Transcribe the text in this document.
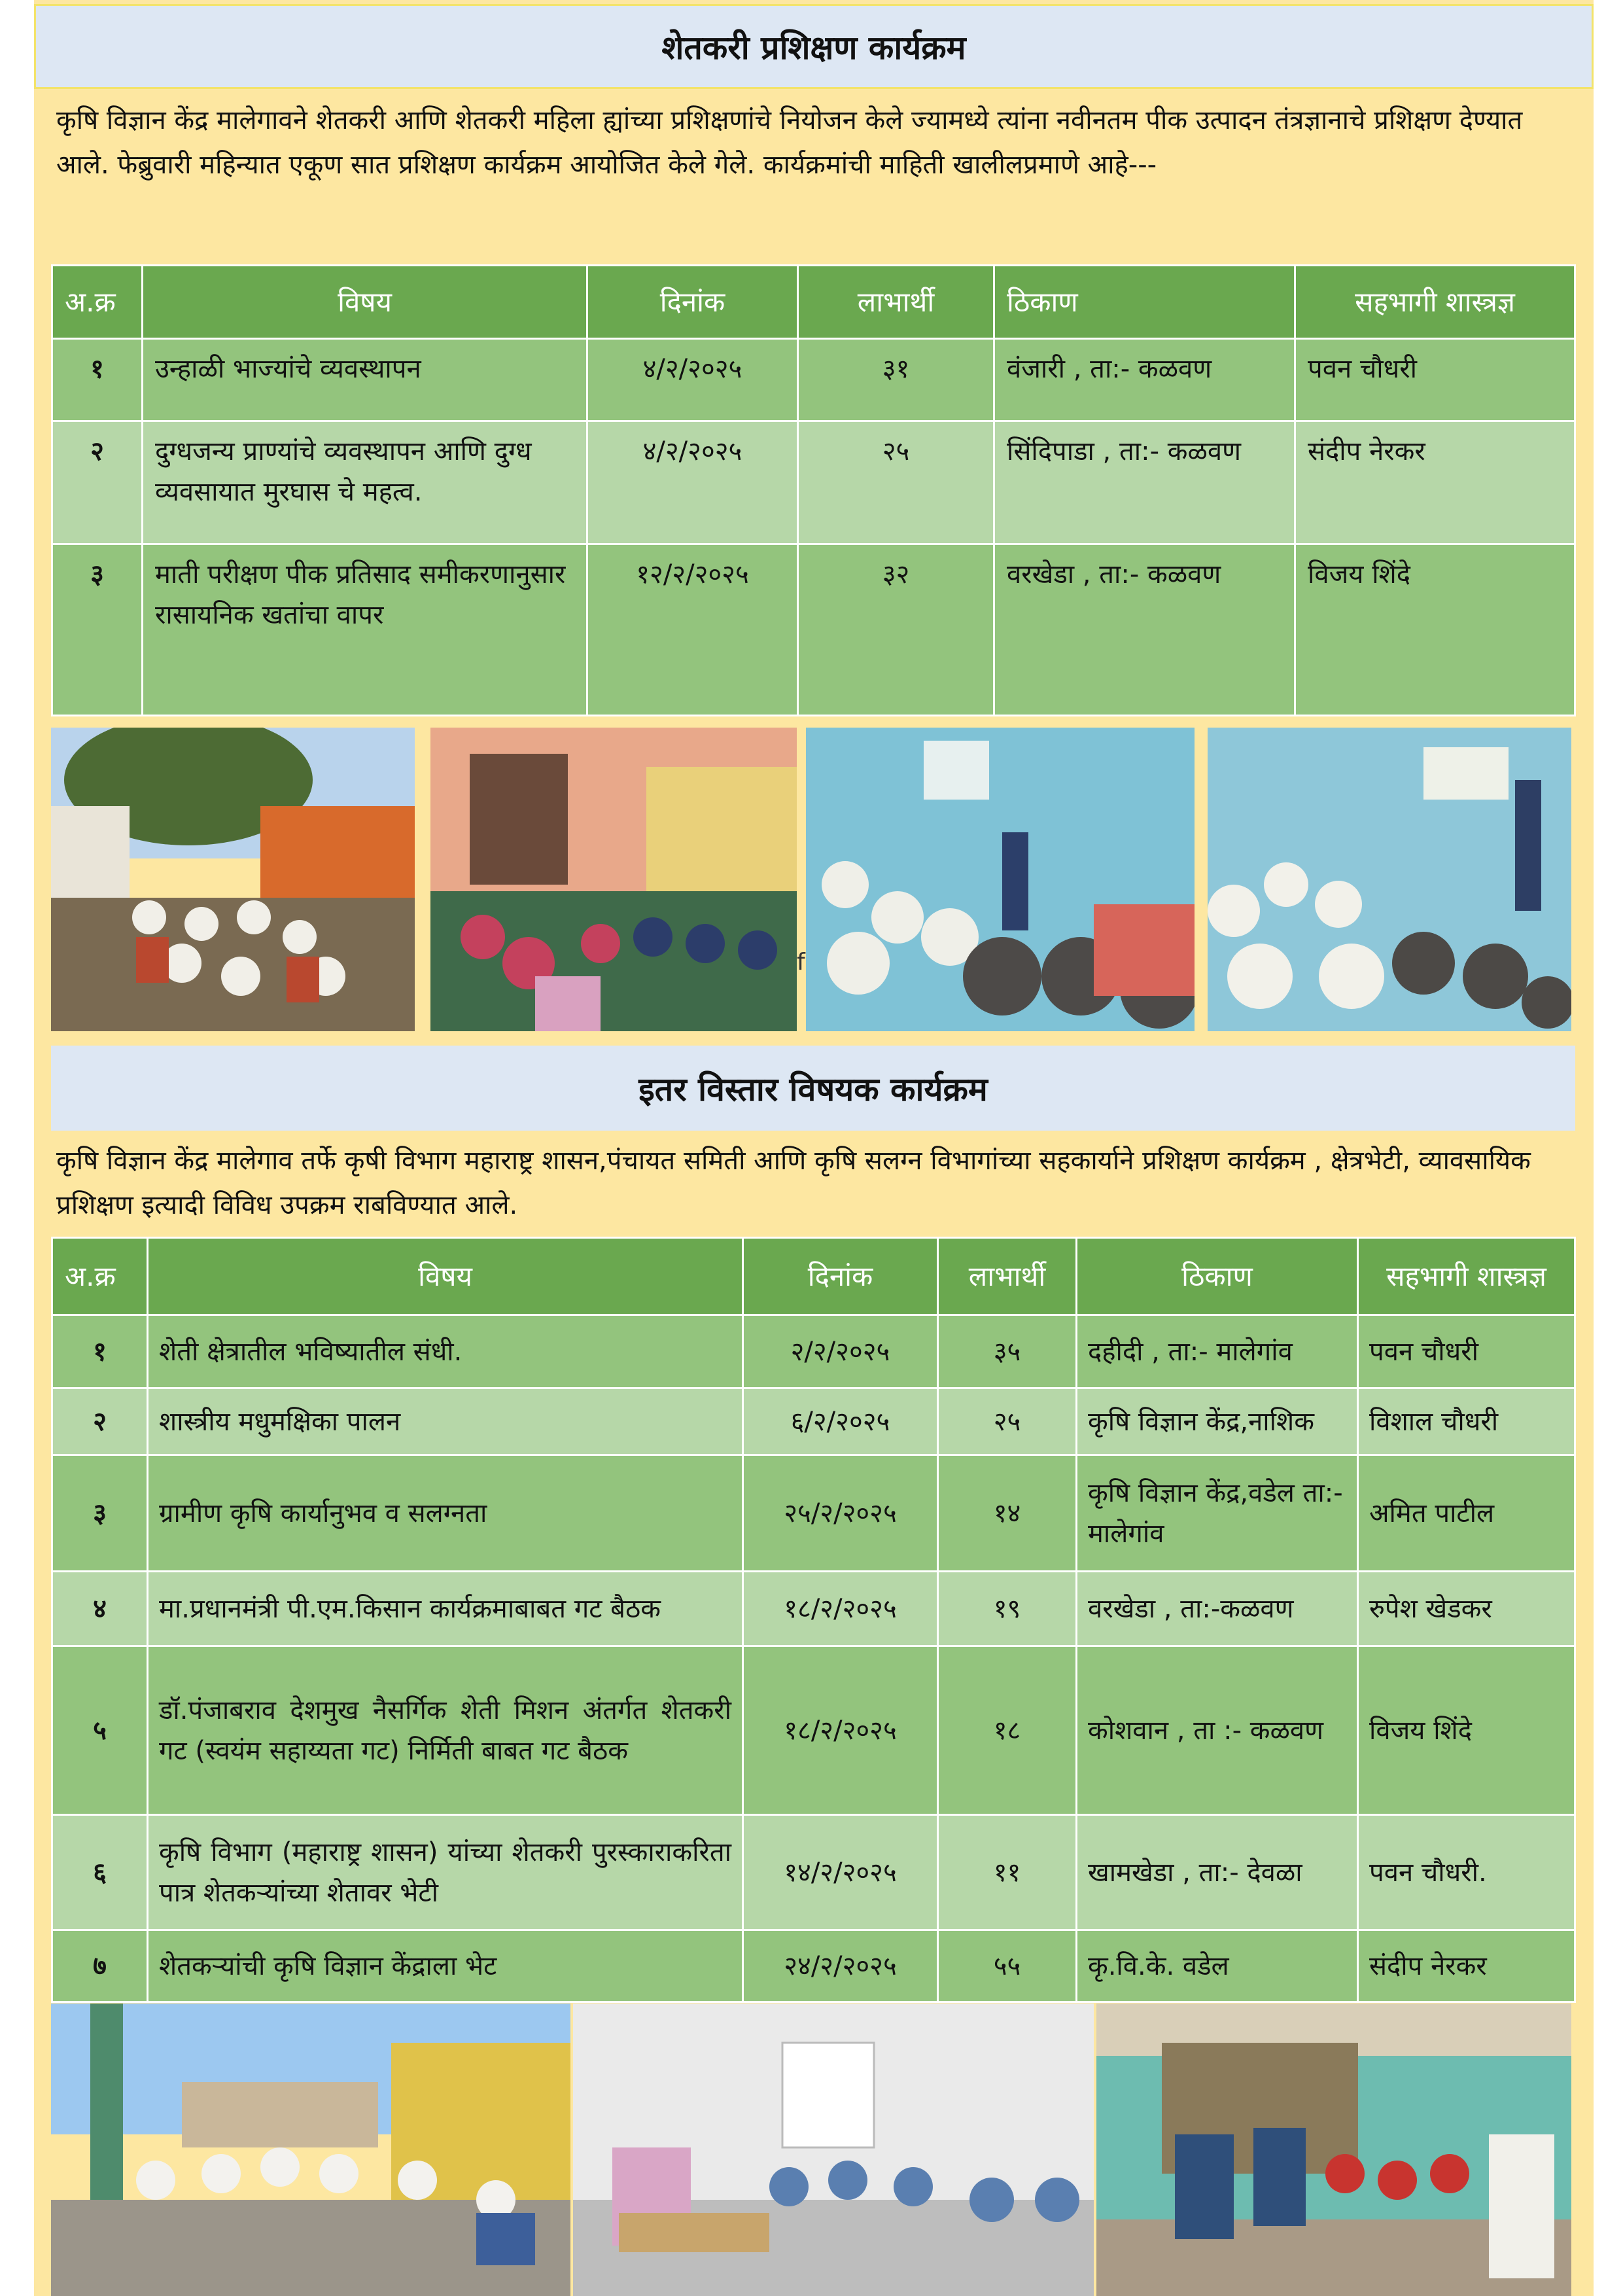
शेतकरी प्रशिक्षण कार्यक्रम
कृषि विज्ञान केंद्र मालेगावने शेतकरी आणि शेतकरी महिला ह्यांच्या प्रशिक्षणांचे नियोजन केले ज्यामध्ये त्यांना नवीनतम पीक उत्पादन तंत्रज्ञानाचे प्रशिक्षण देण्यात आले. फेब्रुवारी महिन्यात एकूण सात प्रशिक्षण कार्यक्रम आयोजित केले गेले. कार्यक्रमांची माहिती खालीलप्रमाणे आहे---
अ.क्र	विषय	दिनांक	लाभार्थी	ठिकाण	सहभागी शास्त्रज्ञ
१	उन्हाळी भाज्यांचे व्यवस्थापन	४/२/२०२५	३१	वंजारी , ता:- कळवण	पवन चौधरी
२	दुग्धजन्य प्राण्यांचे व्यवस्थापन आणि दुग्ध व्यवसायात मुरघास चे महत्व.	४/२/२०२५	२५	सिंदिपाडा , ता:- कळवण	संदीप नेरकर
३	माती परीक्षण पीक प्रतिसाद समीकरणानुसार रासायनिक खतांचा वापर	१२/२/२०२५	३२	वरखेडा , ता:- कळवण	विजय शिंदे
f
इतर विस्तार विषयक कार्यक्रम
कृषि विज्ञान केंद्र मालेगाव तर्फे कृषी विभाग महाराष्ट्र शासन,पंचायत समिती आणि कृषि सलग्न विभागांच्या सहकार्याने प्रशिक्षण कार्यक्रम , क्षेत्रभेटी, व्यावसायिक प्रशिक्षण इत्यादी विविध उपक्रम राबविण्यात आले.
अ.क्र	विषय	दिनांक	लाभार्थी	ठिकाण	सहभागी शास्त्रज्ञ
१	शेती क्षेत्रातील भविष्यातील संधी.	२/२/२०२५	३५	दहीदी , ता:- मालेगांव	पवन चौधरी
२	शास्त्रीय मधुमक्षिका पालन	६/२/२०२५	२५	कृषि विज्ञान केंद्र,नाशिक	विशाल चौधरी
३	ग्रामीण कृषि कार्यानुभव व सलग्नता	२५/२/२०२५	१४	कृषि विज्ञान केंद्र,वडेल ता:- मालेगांव	अमित पाटील
४	मा.प्रधानमंत्री पी.एम.किसान कार्यक्रमाबाबत गट बैठक	१८/२/२०२५	१९	वरखेडा , ता:-कळवण	रुपेश खेडकर
५	डॉ.पंजाबराव देशमुख नैसर्गिक शेती मिशन अंतर्गत शेतकरी गट (स्वयंम सहाय्यता गट) निर्मिती बाबत गट बैठक	१८/२/२०२५	१८	कोशवान , ता :- कळवण	विजय शिंदे
६	कृषि विभाग (महाराष्ट्र शासन) यांच्या शेतकरी पुरस्काराकरिता पात्र शेतकऱ्यांच्या शेतावर भेटी	१४/२/२०२५	११	खामखेडा , ता:- देवळा	पवन चौधरी.
७	शेतकऱ्यांची कृषि विज्ञान केंद्राला भेट	२४/२/२०२५	५५	कृ.वि.के. वडेल	संदीप नेरकर
